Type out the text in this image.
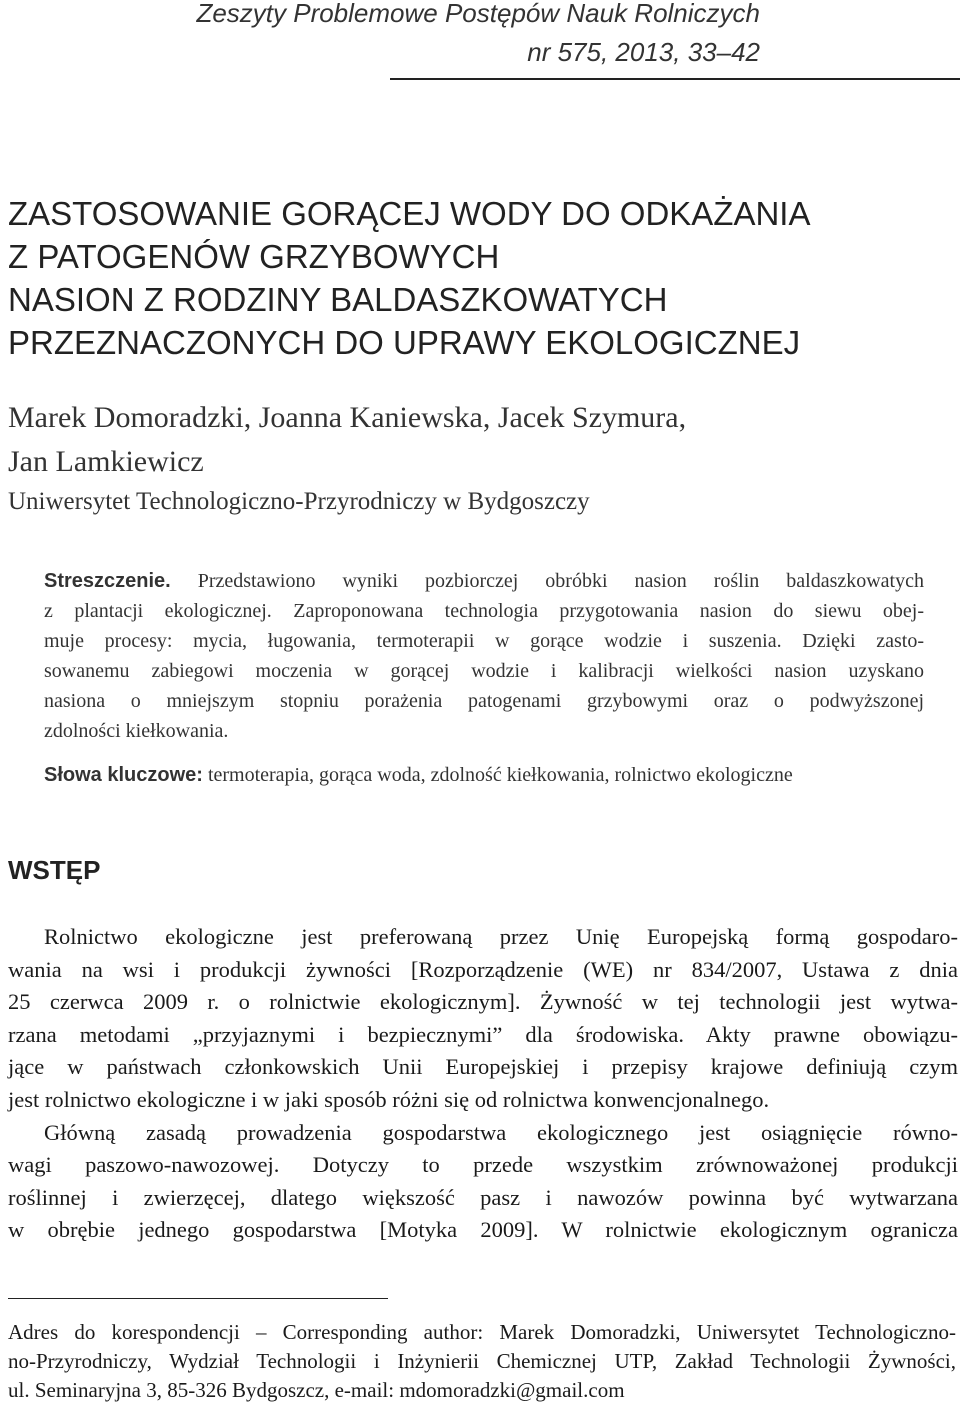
Zeszyty Problemowe Postępów Nauk Rolniczych
nr 575, 2013, 33–42
ZASTOSOWANIE GORĄCEJ WODY DO ODKAŻANIA
Z PATOGENÓW GRZYBOWYCH
NASION Z RODZINY BALDASZKOWATYCH
PRZEZNACZONYCH DO UPRAWY EKOLOGICZNEJ
Marek Domoradzki, Joanna Kaniewska, Jacek Szymura,
Jan Lamkiewicz
Uniwersytet Technologiczno-Przyrodniczy w Bydgoszczy
Streszczenie. Przedstawiono wyniki pozbiorczej obróbki nasion roślin baldaszkowatych
z plantacji ekologicznej. Zaproponowana technologia przygotowania nasion do siewu obej-
muje procesy: mycia, ługowania, termoterapii w gorące wodzie i suszenia. Dzięki zasto-
sowanemu zabiegowi moczenia w gorącej wodzie i kalibracji wielkości nasion uzyskano
nasiona o mniejszym stopniu porażenia patogenami grzybowymi oraz o podwyższonej
zdolności kiełkowania.
Słowa kluczowe: termoterapia, gorąca woda, zdolność kiełkowania, rolnictwo ekologiczne
WSTĘP
Rolnictwo ekologiczne jest preferowaną przez Unię Europejską formą gospodaro-
wania na wsi i produkcji żywności [Rozporządzenie (WE) nr 834/2007, Ustawa z dnia
25 czerwca 2009 r. o rolnictwie ekologicznym]. Żywność w tej technologii jest wytwa-
rzana metodami „przyjaznymi i bezpiecznymi” dla środowiska. Akty prawne obowiązu-
jące w państwach członkowskich Unii Europejskiej i przepisy krajowe definiują czym
jest rolnictwo ekologiczne i w jaki sposób różni się od rolnictwa konwencjonalnego.
Główną zasadą prowadzenia gospodarstwa ekologicznego jest osiągnięcie równo-
wagi paszowo-nawozowej. Dotyczy to przede wszystkim zrównoważonej produkcji
roślinnej i zwierzęcej, dlatego większość pasz i nawozów powinna być wytwarzana
w obrębie jednego gospodarstwa [Motyka 2009]. W rolnictwie ekologicznym ogranicza
Adres do korespondencji – Corresponding author: Marek Domoradzki, Uniwersytet Technologiczno-
no-Przyrodniczy, Wydział Technologii i Inżynierii Chemicznej UTP, Zakład Technologii Żywności,
ul. Seminaryjna 3, 85-326 Bydgoszcz, e-mail: mdomoradzki@gmail.com
